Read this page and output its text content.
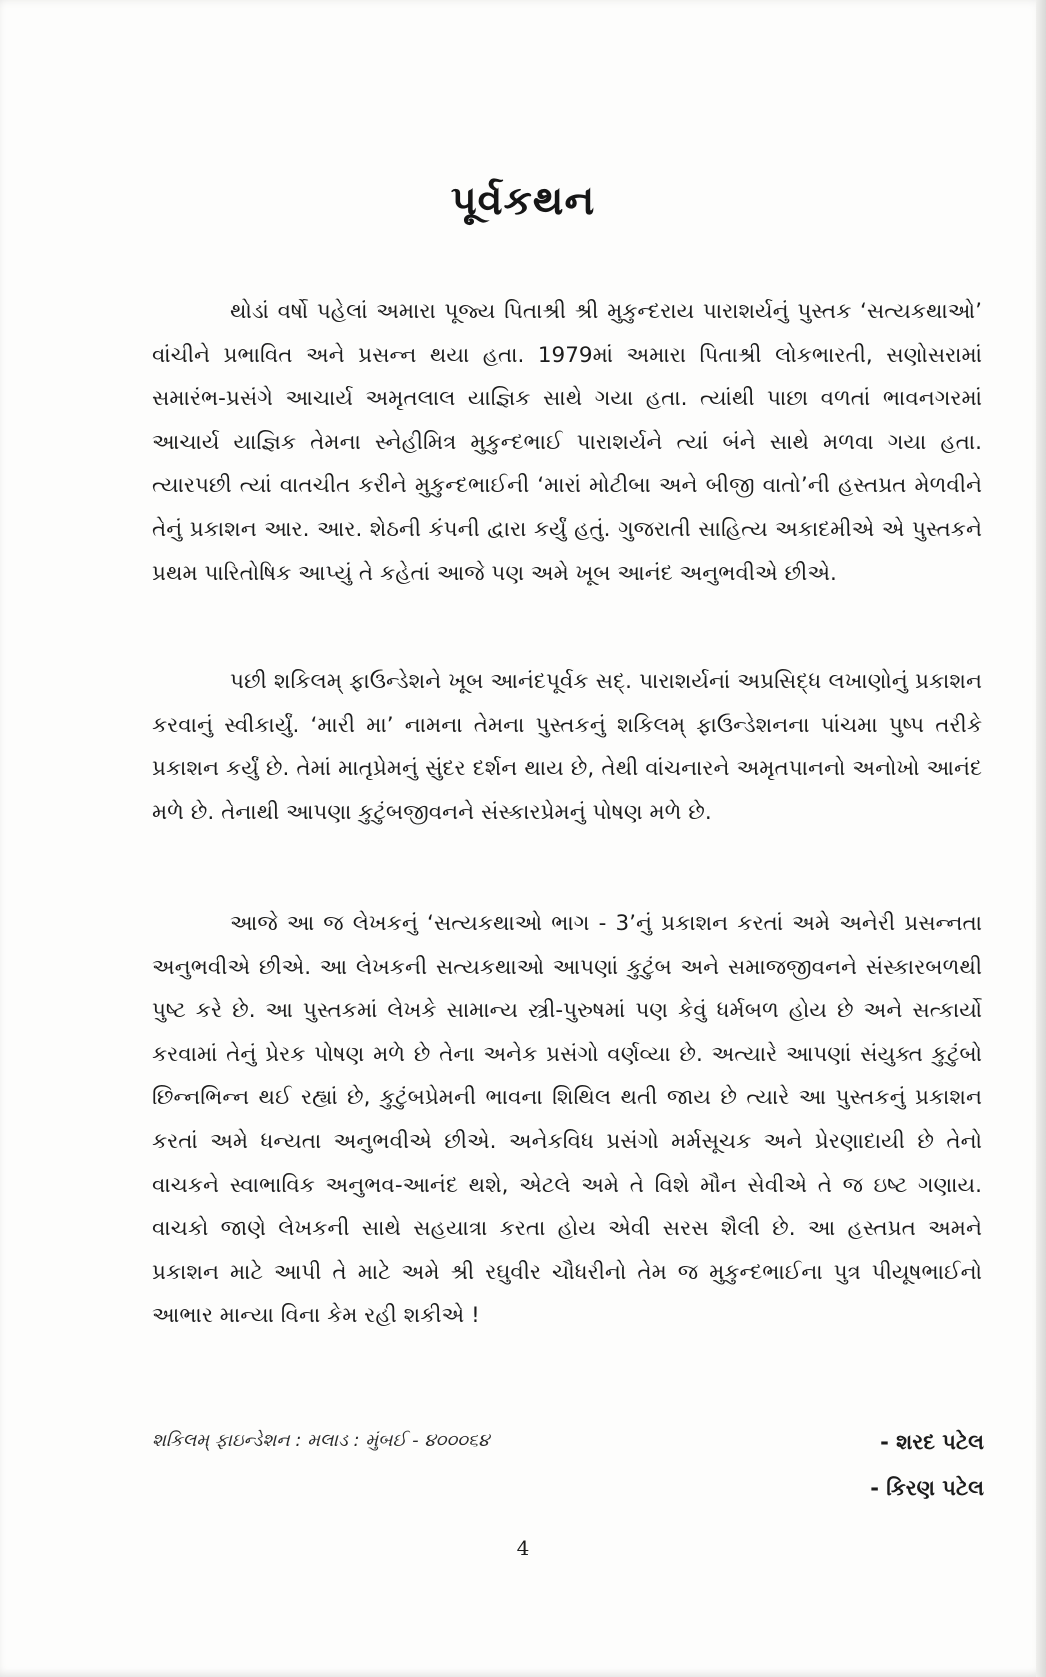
પૂર્વકથન

થોડાં વર્ષો પહેલાં અમારા પૂજ્ય પિતાશ્રી શ્રી મુકુન્દરાય પારાશર્યનું પુસ્તક ‘સત્યકથાઓ’ વાંચીને પ્રભાવિત અને પ્રસન્ન થયા હતા. 1979માં અમારા પિતાશ્રી લોકભારતી, સણોસરામાં સમારંભ-પ્રસંગે આચાર્ય અમૃતલાલ યાજ્ઞિક સાથે ગયા હતા. ત્યાંથી પાછા વળતાં ભાવનગરમાં આચાર્ય યાજ્ઞિક તેમના સ્નેહીમિત્ર મુકુન્દભાઈ પારાશર્યને ત્યાં બંને સાથે મળવા ગયા હતા. ત્યારપછી ત્યાં વાતચીત કરીને મુકુન્દભાઈની ‘મારાં મોટીબા અને બીજી વાતો’ની હસ્તપ્રત મેળવીને તેનું પ્રકાશન આર. આર. શેઠની કંપની દ્વારા કર્યું હતું. ગુજરાતી સાહિત્ય અકાદમીએ એ પુસ્તકને પ્રથમ પારિતોષિક આપ્યું તે કહેતાં આજે પણ અમે ખૂબ આનંદ અનુભવીએ છીએ.

પછી શકિલમ્ ફાઉન્ડેશને ખૂબ આનંદપૂર્વક સદ્. પારાશર્યનાં અપ્રસિદ્ધ લખાણોનું પ્રકાશન કરવાનું સ્વીકાર્યું. ‘મારી મા’ નામના તેમના પુસ્તકનું શકિલમ્ ફાઉન્ડેશનના પાંચમા પુષ્પ તરીકે પ્રકાશન કર્યું છે. તેમાં માતૃપ્રેમનું સુંદર દર્શન થાય છે, તેથી વાંચનારને અમૃતપાનનો અનોખો આનંદ મળે છે. તેનાથી આપણા કુટુંબજીવનને સંસ્કારપ્રેમનું પોષણ મળે છે.

આજે આ જ લેખકનું ‘સત્યકથાઓ ભાગ - 3’નું પ્રકાશન કરતાં અમે અનેરી પ્રસન્નતા અનુભવીએ છીએ. આ લેખકની સત્યકથાઓ આપણાં કુટુંબ અને સમાજજીવનને સંસ્કારબળથી પુષ્ટ કરે છે. આ પુસ્તકમાં લેખકે સામાન્ય સ્ત્રી-પુરુષમાં પણ કેવું ધર્મબળ હોય છે અને સત્કાર્યો કરવામાં તેનું પ્રેરક પોષણ મળે છે તેના અનેક પ્રસંગો વર્ણવ્યા છે. અત્યારે આપણાં સંયુક્ત કુટુંબો છિન્નભિન્ન થઈ રહ્યાં છે, કુટુંબપ્રેમની ભાવના શિથિલ થતી જાય છે ત્યારે આ પુસ્તકનું પ્રકાશન કરતાં અમે ધન્યતા અનુભવીએ છીએ. અનેકવિધ પ્રસંગો મર્મસૂચક અને પ્રેરણાદાયી છે તેનો વાચકને સ્વાભાવિક અનુભવ-આનંદ થશે, એટલે અમે તે વિશે મૌન સેવીએ તે જ ઇષ્ટ ગણાય. વાચકો જાણે લેખકની સાથે સહયાત્રા કરતા હોય એવી સરસ શૈલી છે. આ હસ્તપ્રત અમને પ્રકાશન માટે આપી તે માટે અમે શ્રી રઘુવીર ચૌધરીનો તેમ જ મુકુન્દભાઈના પુત્ર પીયૂષભાઈનો આભાર માન્યા વિના કેમ રહી શકીએ !

શકિલમ્ ફાઇન્ડેશન : મલાડ : મુંબઈ - ૪૦૦૦૬૪	- શરદ પટેલ

- કિરણ પટેલ

4
